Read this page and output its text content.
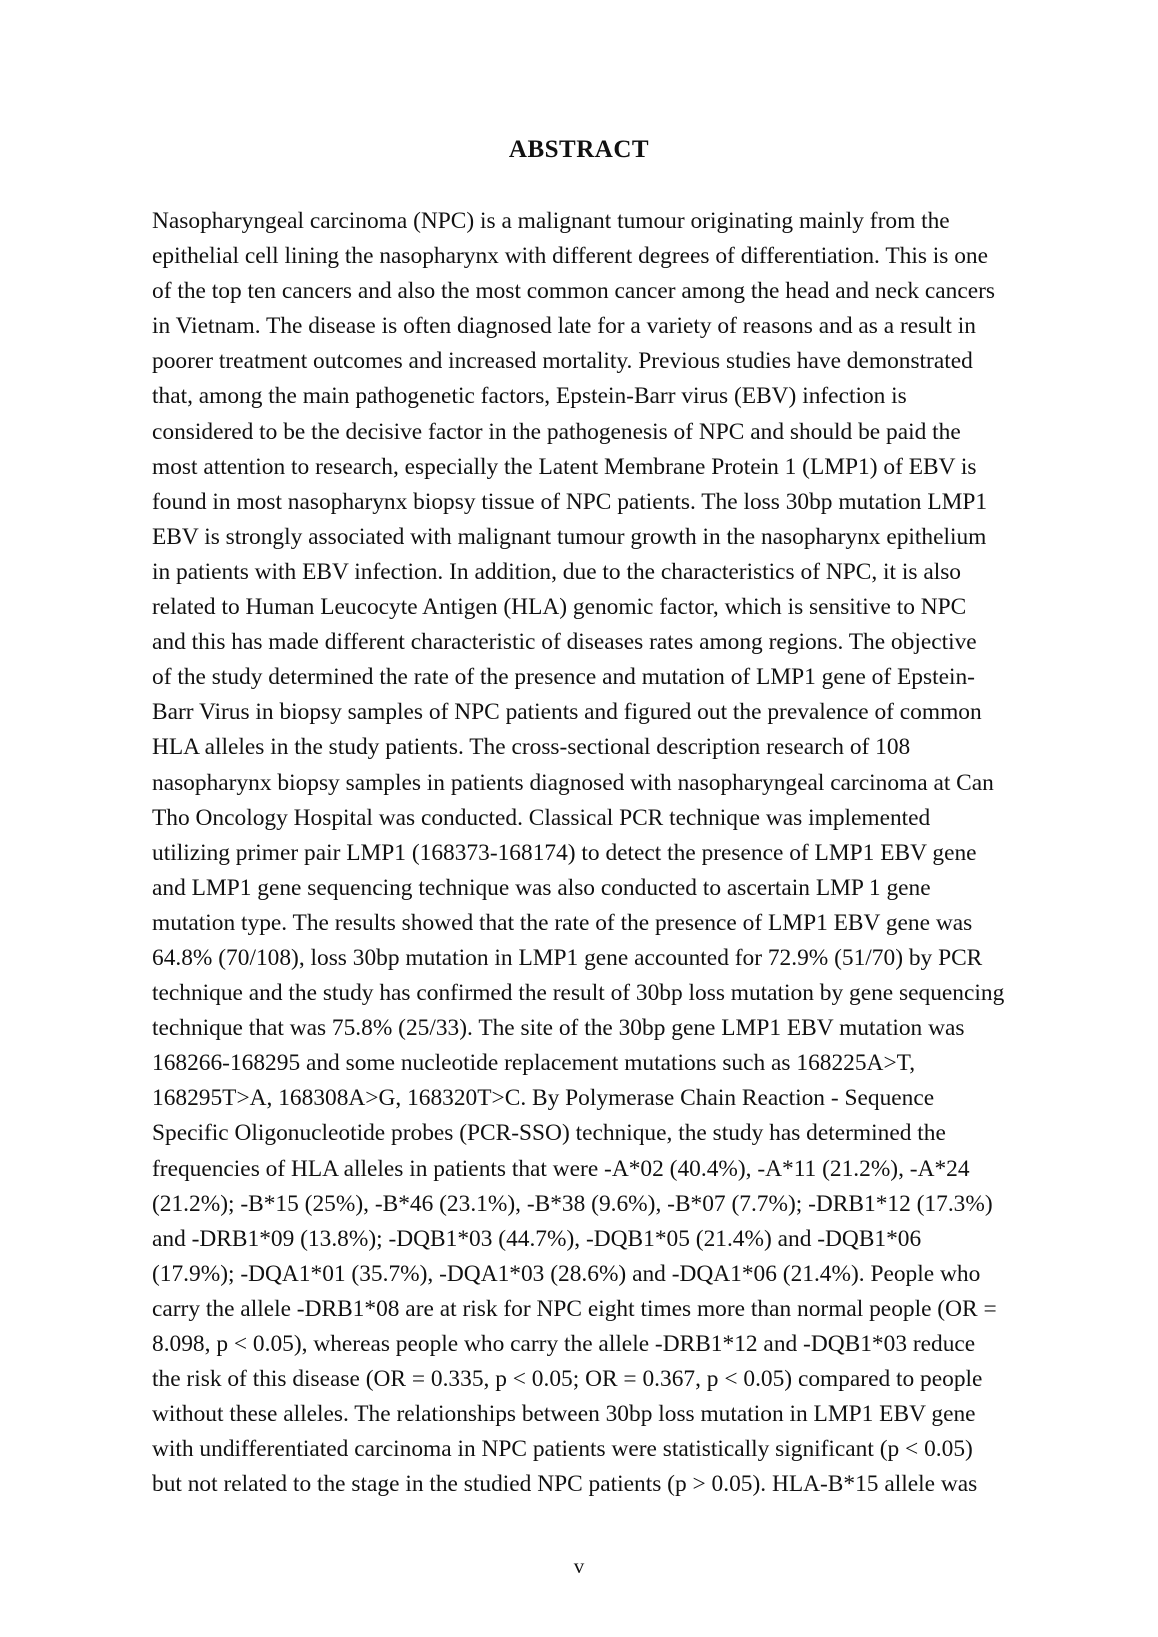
ABSTRACT
Nasopharyngeal carcinoma (NPC) is a malignant tumour originating mainly from the
epithelial cell lining the nasopharynx with different degrees of differentiation. This is one
of the top ten cancers and also the most common cancer among the head and neck cancers
in Vietnam. The disease is often diagnosed late for a variety of reasons and as a result in
poorer treatment outcomes and increased mortality. Previous studies have demonstrated
that, among the main pathogenetic factors, Epstein-Barr virus (EBV) infection is
considered to be the decisive factor in the pathogenesis of NPC and should be paid the
most attention to research, especially the Latent Membrane Protein 1 (LMP1) of EBV is
found in most nasopharynx biopsy tissue of NPC patients. The loss 30bp mutation LMP1
EBV is strongly associated with malignant tumour growth in the nasopharynx epithelium
in patients with EBV infection. In addition, due to the characteristics of NPC, it is also
related to Human Leucocyte Antigen (HLA) genomic factor, which is sensitive to NPC
and this has made different characteristic of diseases rates among regions. The objective
of the study determined the rate of the presence and mutation of LMP1 gene of Epstein-
Barr Virus in biopsy samples of NPC patients and figured out the prevalence of common
HLA alleles in the study patients. The cross-sectional description research of 108
nasopharynx biopsy samples in patients diagnosed with nasopharyngeal carcinoma at Can
Tho Oncology Hospital was conducted. Classical PCR technique was implemented
utilizing primer pair LMP1 (168373-168174) to detect the presence of LMP1 EBV gene
and LMP1 gene sequencing technique was also conducted to ascertain LMP 1 gene
mutation type. The results showed that the rate of the presence of LMP1 EBV gene was
64.8% (70/108), loss 30bp mutation in LMP1 gene accounted for 72.9% (51/70) by PCR
technique and the study has confirmed the result of 30bp loss mutation by gene sequencing
technique that was 75.8% (25/33). The site of the 30bp gene LMP1 EBV mutation was
168266-168295 and some nucleotide replacement mutations such as 168225A>T,
168295T>A, 168308A>G, 168320T>C. By Polymerase Chain Reaction - Sequence
Specific Oligonucleotide probes (PCR-SSO) technique, the study has determined the
frequencies of HLA alleles in patients that were -A*02 (40.4%), -A*11 (21.2%), -A*24
(21.2%); -B*15 (25%), -B*46 (23.1%), -B*38 (9.6%), -B*07 (7.7%); -DRB1*12 (17.3%)
and -DRB1*09 (13.8%); -DQB1*03 (44.7%), -DQB1*05 (21.4%) and -DQB1*06
(17.9%); -DQA1*01 (35.7%), -DQA1*03 (28.6%) and -DQA1*06 (21.4%). People who
carry the allele -DRB1*08 are at risk for NPC eight times more than normal people (OR =
8.098, p < 0.05), whereas people who carry the allele -DRB1*12 and -DQB1*03 reduce
the risk of this disease (OR = 0.335, p < 0.05; OR = 0.367, p < 0.05) compared to people
without these alleles. The relationships between 30bp loss mutation in LMP1 EBV gene
with undifferentiated carcinoma in NPC patients were statistically significant (p < 0.05)
but not related to the stage in the studied NPC patients (p > 0.05). HLA-B*15 allele was
v
